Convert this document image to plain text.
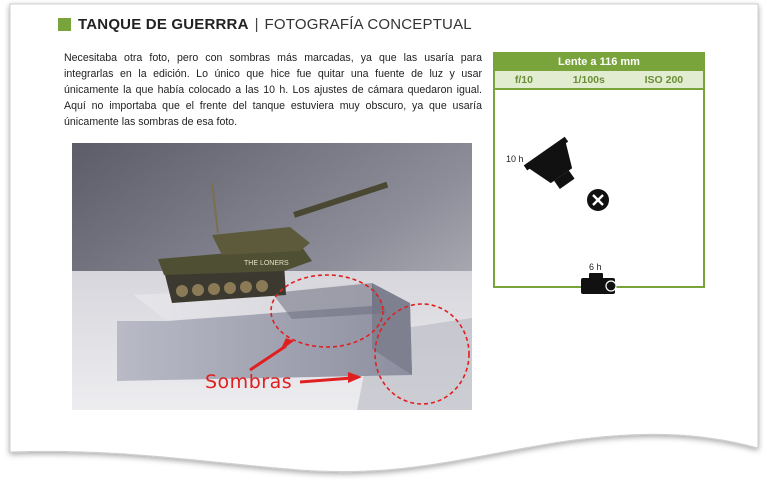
TANQUE DE GUERRRA | FOTOGRAFÍA CONCEPTUAL
Necesitaba otra foto, pero con sombras más marcadas, ya que las usaría para integrarlas en la edición. Lo único que hice fue quitar una fuente de luz y usar únicamente la que había colocado a las 10 h. Los ajustes de cámara quedaron igual. Aquí no importaba que el frente del tanque estuviera muy obscuro, ya que usaría únicamente las sombras de esa foto.
THE LONERS
Sombras
Lente a 116 mm
f/10	1/100s	ISO 200
10 h
6 h
